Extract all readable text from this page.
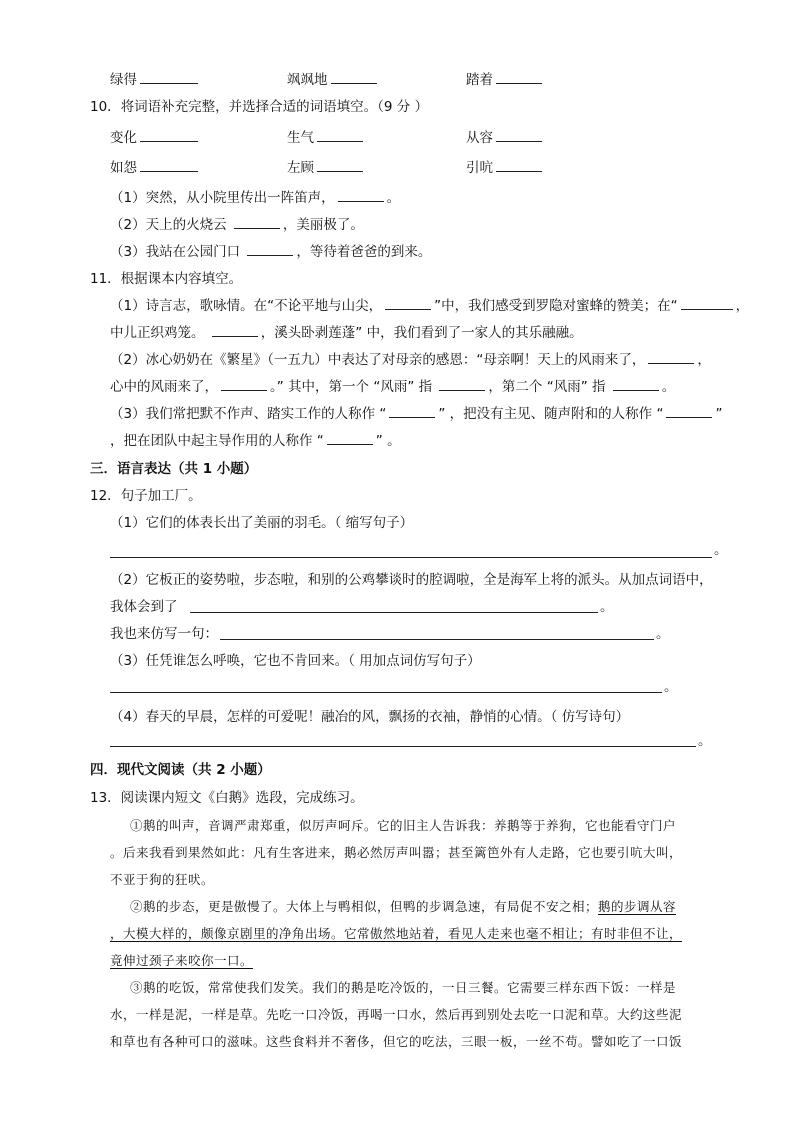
绿得	飒飒地	踏着
10．将词语补充完整，并选择合适的词语填空。（9 分 ）
变化	生气	从容
如怨	左顾	引吭
（1）突然，从小院里传出一阵笛声，	。
（2）天上的火烧云	，美丽极了。
（3）我站在公园门口	，等待着爸爸的到来。
11．根据课本内容填空。
（1）诗言志，歌咏情。在“不论平地与山尖，	”中，我们感受到罗隐对蜜蜂的赞美；在“	，
中儿正织鸡笼。	，溪头卧剥莲蓬” 中，我们看到了一家人的其乐融融。
（2）冰心奶奶在《繁星》（一五九）中表达了对母亲的感恩：“母亲啊！天上的风雨来了，	，
心中的风雨来了，	。” 其中，第一个 “风雨” 指	，第二个 “风雨” 指	。
（3）我们常把默不作声、踏实工作的人称作 “	” ，把没有主见、随声附和的人称作 “	”
，把在团队中起主导作用的人称作 “	” 。
三．语言表达（共 1 小题）
12．句子加工厂。
（1）它们的体表长出了美丽的羽毛。（ 缩写句子）
。
（2）它板正的姿势啦，步态啦，和别的公鸡攀谈时的腔调啦，全是海军上将的派头。从加点词语中，
我体会到了	。
我也来仿写一句：	。
（3）任凭谁怎么呼唤，它也不肯回来。（ 用加点词仿写句子）
。
（4）春天的早晨，怎样的可爱呢！融冶的风，飘扬的衣袖，静悄的心情。（ 仿写诗句）
。
四．现代文阅读（共 2 小题）
13．阅读课内短文《白鹅》选段，完成练习。
①鹅的叫声，音调严肃郑重，似厉声呵斥。它的旧主人告诉我：养鹅等于养狗，它也能看守门户
。后来我看到果然如此：凡有生客进来，鹅必然厉声叫嚣；甚至篱笆外有人走路，它也要引吭大叫，
不亚于狗的狂吠。
②鹅的步态，更是傲慢了。大体上与鸭相似，但鸭的步调急速，有局促不安之相；鹅的步调从容
，大模大样的，颇像京剧里的净角出场。它常傲然地站着，看见人走来也毫不相让；有时非但不让，
竟伸过颈子来咬你一口。
③鹅的吃饭，常常使我们发笑。我们的鹅是吃冷饭的，一日三餐。它需要三样东西下饭：一样是
水，一样是泥，一样是草。先吃一口冷饭，再喝一口水，然后再到别处去吃一口泥和草。大约这些泥
和草也有各种可口的滋味。这些食料并不奢侈，但它的吃法，三眼一板，一丝不苟。譬如吃了一口饭
